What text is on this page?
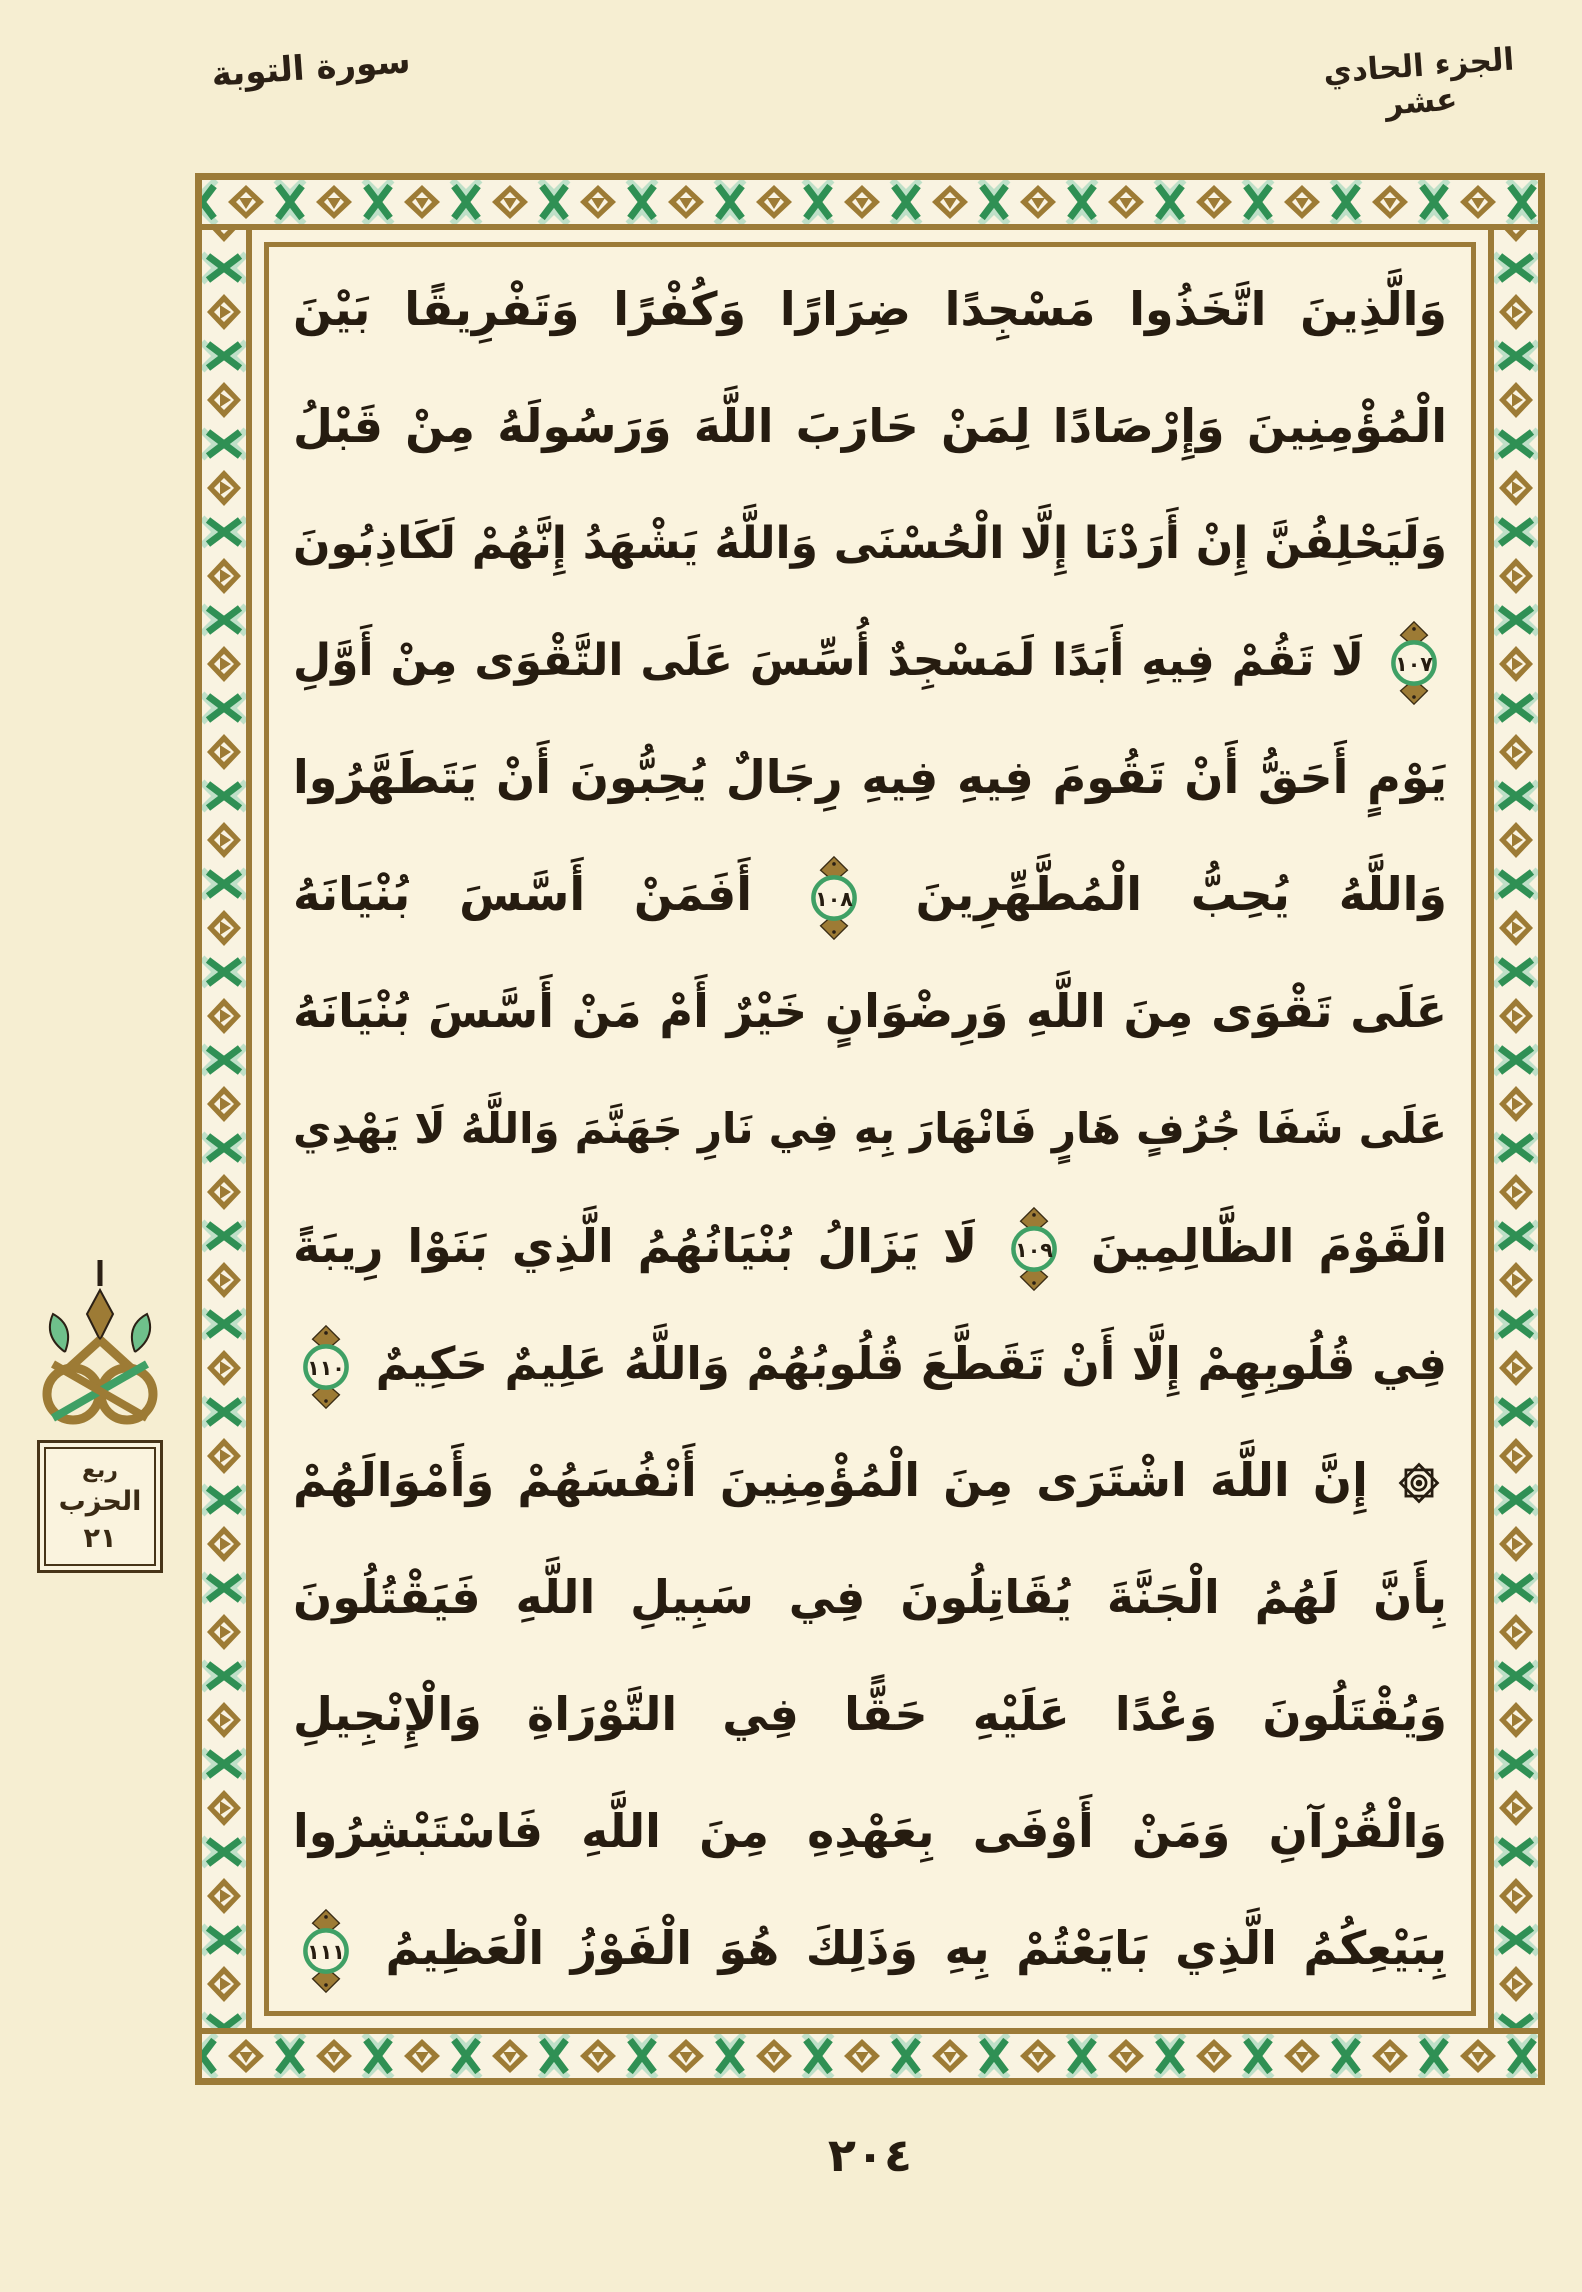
سورة التوبة	الجزء الحادي عشر
ربع
الحزب
٢١
وَالَّذِينَ اتَّخَذُوا مَسْجِدًا ضِرَارًا وَكُفْرًا وَتَفْرِيقًا بَيْنَ
الْمُؤْمِنِينَ وَإِرْصَادًا لِمَنْ حَارَبَ اللَّهَ وَرَسُولَهُ مِنْ قَبْلُ
وَلَيَحْلِفُنَّ إِنْ أَرَدْنَا إِلَّا الْحُسْنَى وَاللَّهُ يَشْهَدُ إِنَّهُمْ لَكَاذِبُونَ
١٠٧
لَا تَقُمْ فِيهِ أَبَدًا لَمَسْجِدٌ أُسِّسَ عَلَى التَّقْوَى مِنْ أَوَّلِ
يَوْمٍ أَحَقُّ أَنْ تَقُومَ فِيهِ فِيهِ رِجَالٌ يُحِبُّونَ أَنْ يَتَطَهَّرُوا
وَاللَّهُ يُحِبُّ الْمُطَّهِّرِينَ
١٠٨
أَفَمَنْ أَسَّسَ بُنْيَانَهُ
عَلَى تَقْوَى مِنَ اللَّهِ وَرِضْوَانٍ خَيْرٌ أَمْ مَنْ أَسَّسَ بُنْيَانَهُ
عَلَى شَفَا جُرُفٍ هَارٍ فَانْهَارَ بِهِ فِي نَارِ جَهَنَّمَ وَاللَّهُ لَا يَهْدِي
الْقَوْمَ الظَّالِمِينَ
١٠٩
لَا يَزَالُ بُنْيَانُهُمُ الَّذِي بَنَوْا رِيبَةً
فِي قُلُوبِهِمْ إِلَّا أَنْ تَقَطَّعَ قُلُوبُهُمْ وَاللَّهُ عَلِيمٌ حَكِيمٌ
١١٠
إِنَّ اللَّهَ اشْتَرَى مِنَ الْمُؤْمِنِينَ أَنْفُسَهُمْ وَأَمْوَالَهُمْ
بِأَنَّ لَهُمُ الْجَنَّةَ يُقَاتِلُونَ فِي سَبِيلِ اللَّهِ فَيَقْتُلُونَ
وَيُقْتَلُونَ وَعْدًا عَلَيْهِ حَقًّا فِي التَّوْرَاةِ وَالْإِنْجِيلِ
وَالْقُرْآنِ وَمَنْ أَوْفَى بِعَهْدِهِ مِنَ اللَّهِ فَاسْتَبْشِرُوا
بِبَيْعِكُمُ الَّذِي بَايَعْتُمْ بِهِ وَذَلِكَ هُوَ الْفَوْزُ الْعَظِيمُ
١١١
٢٠٤
